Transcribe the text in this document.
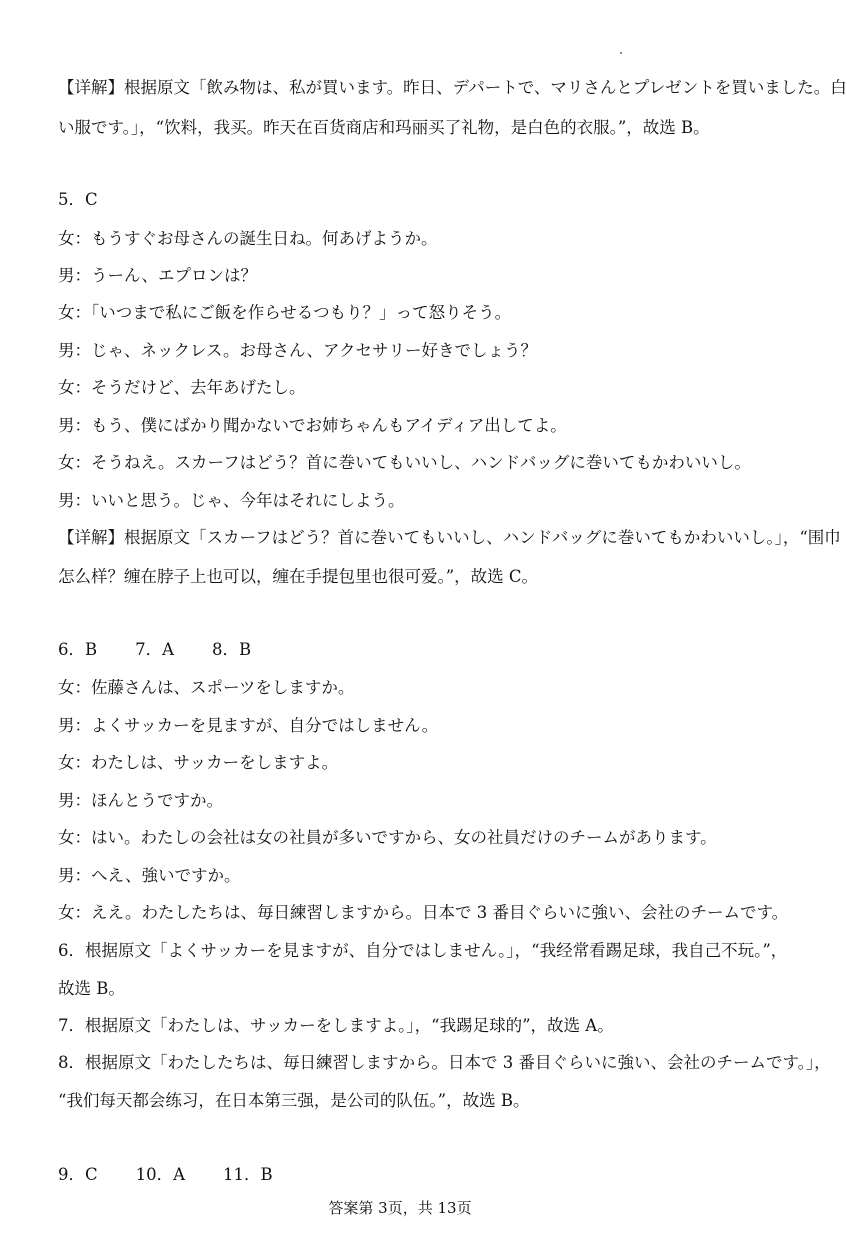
【详解】根据原文「飲み物は、私が買います。昨日、デパートで、マリさんとプレゼントを買いました。白
い服です。」，“饮料，我买。昨天在百货商店和玛丽买了礼物，是白色的衣服。”，故选 B。
5．C
女：もうすぐお母さんの誕生日ね。何あげようか。
男：うーん、エプロンは？
女：「いつまで私にご飯を作らせるつもり？」って怒りそう。
男：じゃ、ネックレス。お母さん、アクセサリー好きでしょう？
女：そうだけど、去年あげたし。
男：もう、僕にばかり聞かないでお姉ちゃんもアイディア出してよ。
女：そうねえ。スカーフはどう？首に巻いてもいいし、ハンドバッグに巻いてもかわいいし。
男：いいと思う。じゃ、今年はそれにしよう。
【详解】根据原文「スカーフはどう？首に巻いてもいいし、ハンドバッグに巻いてもかわいいし。」，“围巾
怎么样？缠在脖子上也可以，缠在手提包里也很可爱。”，故选 C。
6．B 7．A 8．B
女：佐藤さんは、スポーツをしますか。
男：よくサッカーを見ますが、自分ではしません。
女：わたしは、サッカーをしますよ。
男：ほんとうですか。
女：はい。わたしの会社は女の社員が多いですから、女の社員だけのチームがあります。
男：へえ、強いですか。
女：ええ。わたしたちは、毎日練習しますから。日本で 3 番目ぐらいに強い、会社のチームです。
6．根据原文「よくサッカーを見ますが、自分ではしません。」，“我经常看踢足球，我自己不玩。”，
故选 B。
7．根据原文「わたしは、サッカーをしますよ。」，“我踢足球的”，故选 A。
8．根据原文「わたしたちは、毎日練習しますから。日本で 3 番目ぐらいに強い、会社のチームです。」，
“我们每天都会练习，在日本第三强，是公司的队伍。”，故选 B。
9．C 10．A 11．B
答案第 3页，共 13页
